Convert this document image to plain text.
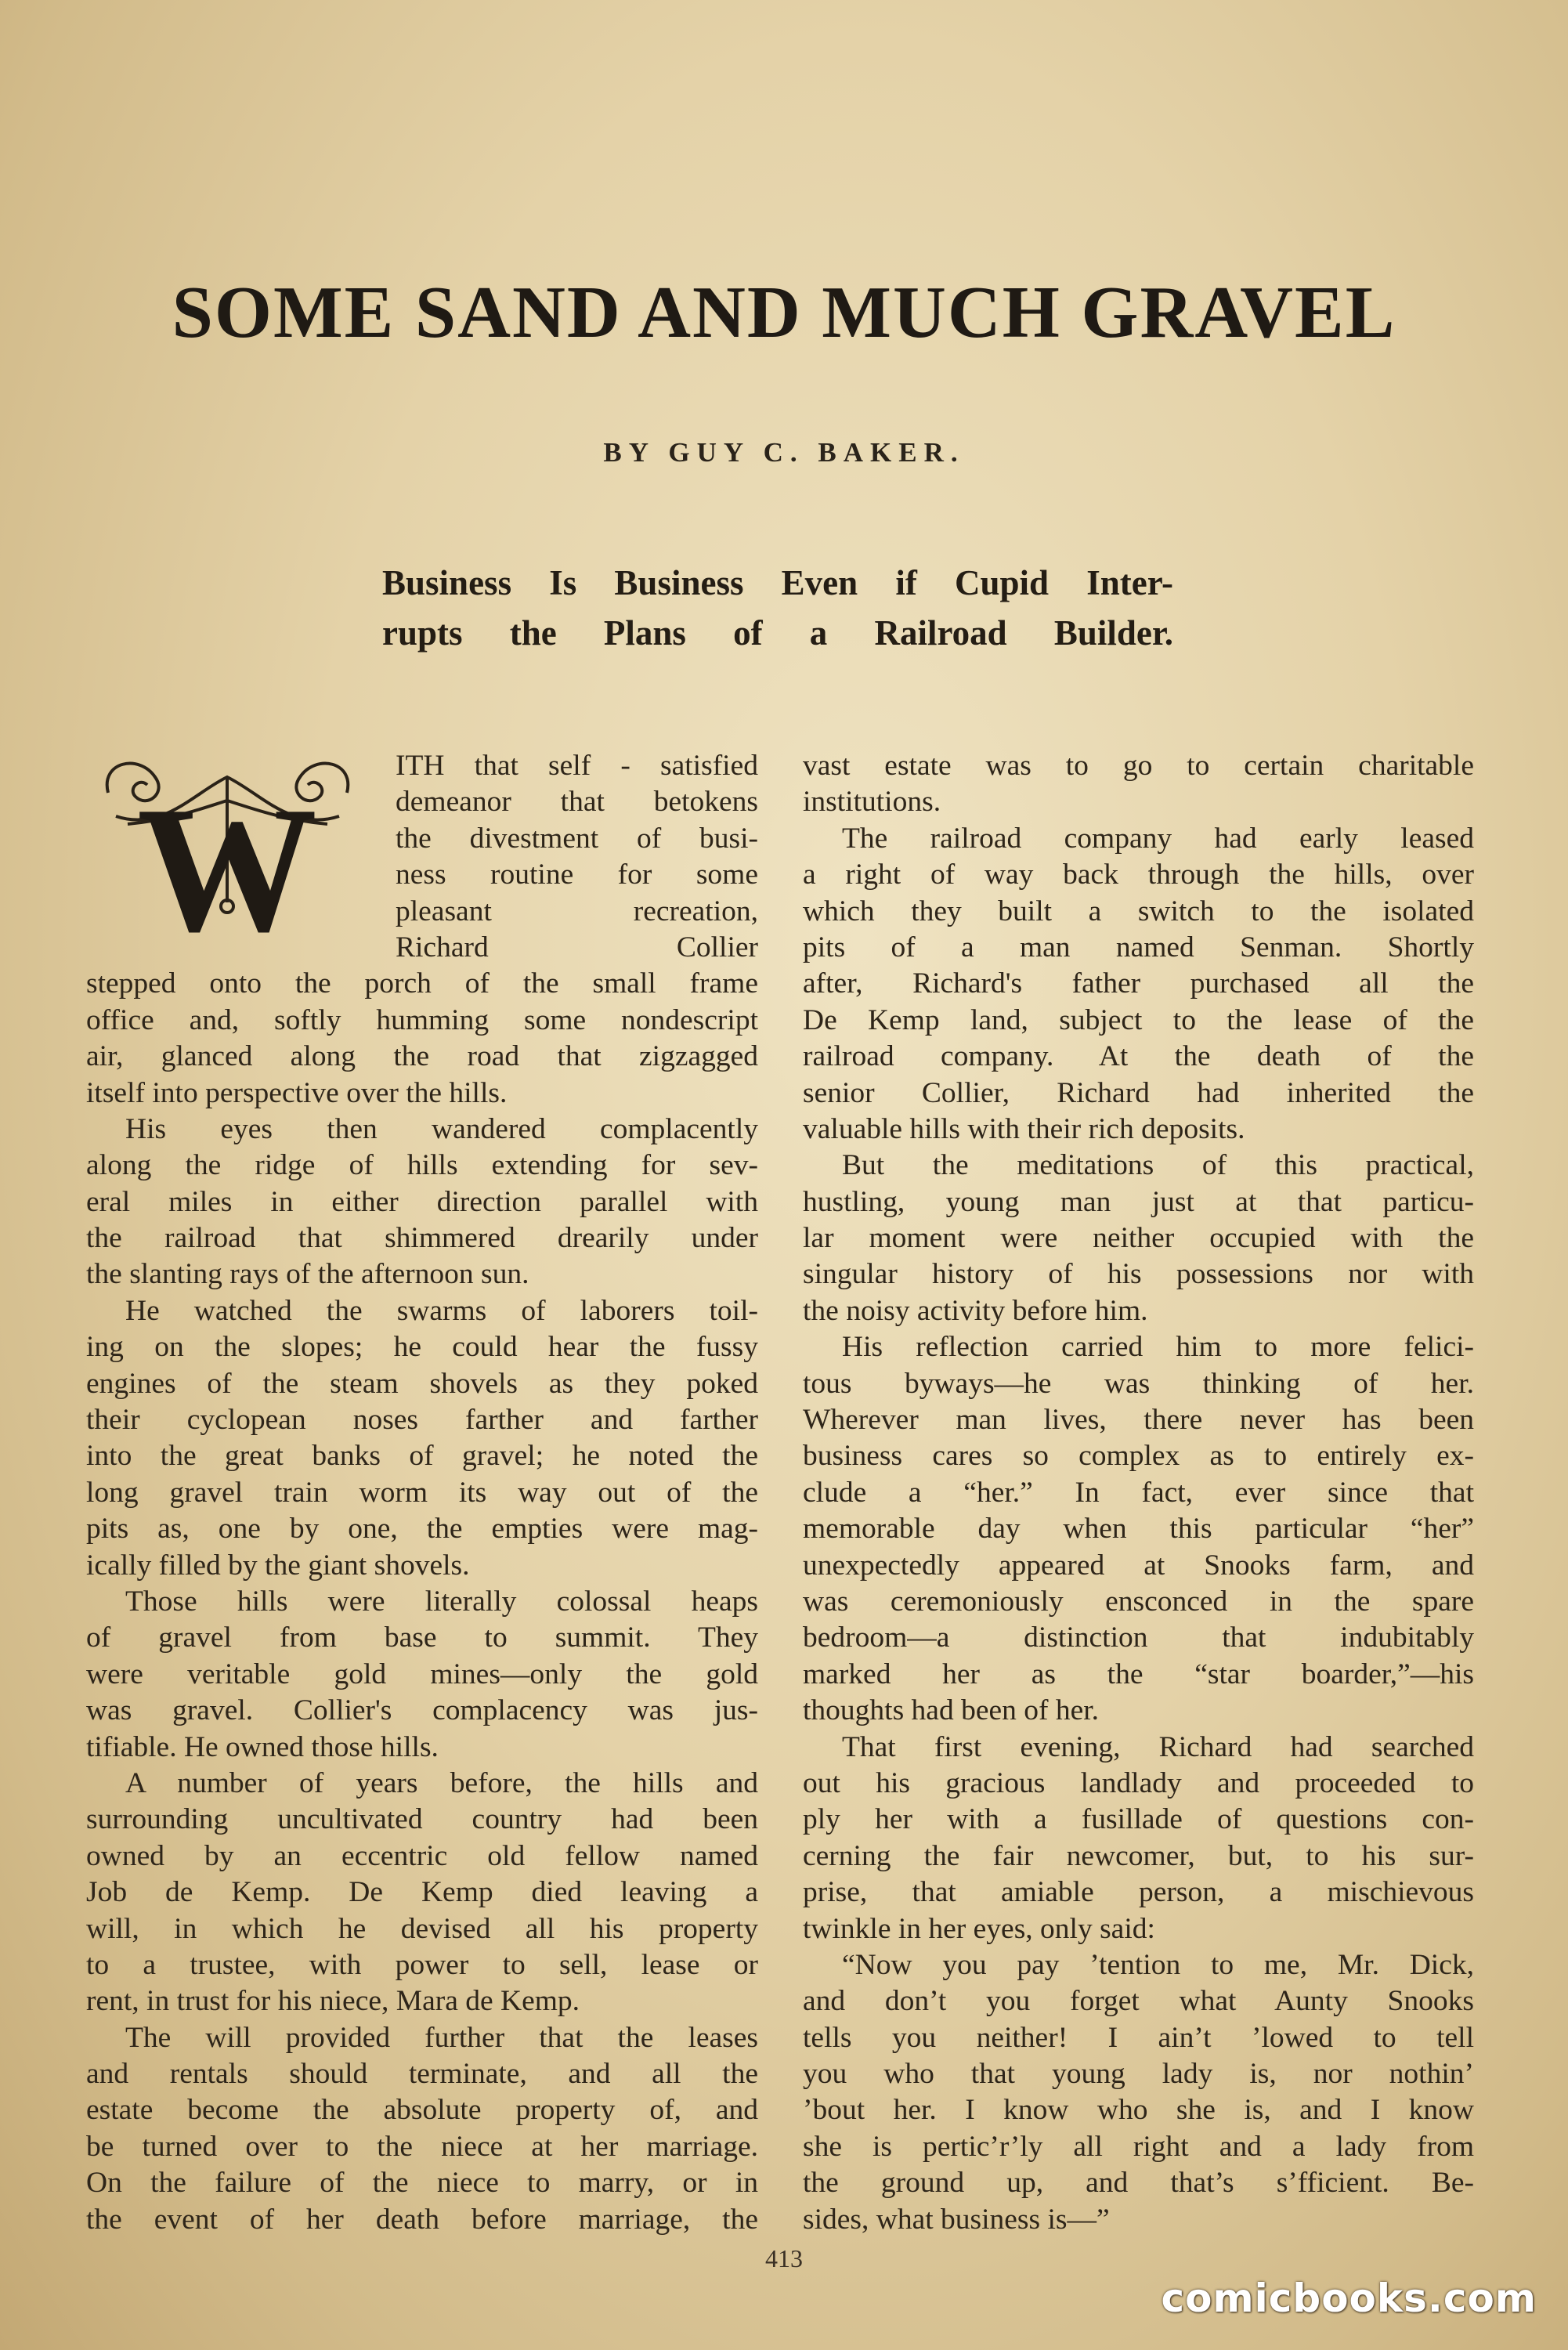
SOME SAND AND MUCH GRAVEL
BY GUY C. BAKER.
Business Is Business Even if Cupid Inter-
rupts the Plans of a Railroad Builder.
W
ITH that self - satisfied
demeanor that betokens
the divestment of busi-
ness routine for some
pleasant recreation,
Richard Collier
stepped onto the porch of the small frame
office and, softly humming some nondescript
air, glanced along the road that zigzagged
itself into perspective over the hills.
His eyes then wandered complacently
along the ridge of hills extending for sev-
eral miles in either direction parallel with
the railroad that shimmered drearily under
the slanting rays of the afternoon sun.
He watched the swarms of laborers toil-
ing on the slopes; he could hear the fussy
engines of the steam shovels as they poked
their cyclopean noses farther and farther
into the great banks of gravel; he noted the
long gravel train worm its way out of the
pits as, one by one, the empties were mag-
ically filled by the giant shovels.
Those hills were literally colossal heaps
of gravel from base to summit. They
were veritable gold mines—only the gold
was gravel. Collier's complacency was jus-
tifiable. He owned those hills.
A number of years before, the hills and
surrounding uncultivated country had been
owned by an eccentric old fellow named
Job de Kemp. De Kemp died leaving a
will, in which he devised all his property
to a trustee, with power to sell, lease or
rent, in trust for his niece, Mara de Kemp.
The will provided further that the leases
and rentals should terminate, and all the
estate become the absolute property of, and
be turned over to the niece at her marriage.
On the failure of the niece to marry, or in
the event of her death before marriage, the
vast estate was to go to certain charitable
institutions.
The railroad company had early leased
a right of way back through the hills, over
which they built a switch to the isolated
pits of a man named Senman. Shortly
after, Richard's father purchased all the
De Kemp land, subject to the lease of the
railroad company. At the death of the
senior Collier, Richard had inherited the
valuable hills with their rich deposits.
But the meditations of this practical,
hustling, young man just at that particu-
lar moment were neither occupied with the
singular history of his possessions nor with
the noisy activity before him.
His reflection carried him to more felici-
tous byways—he was thinking of her.
Wherever man lives, there never has been
business cares so complex as to entirely ex-
clude a “her.” In fact, ever since that
memorable day when this particular “her”
unexpectedly appeared at Snooks farm, and
was ceremoniously ensconced in the spare
bedroom—a distinction that indubitably
marked her as the “star boarder,”—his
thoughts had been of her.
That first evening, Richard had searched
out his gracious landlady and proceeded to
ply her with a fusillade of questions con-
cerning the fair newcomer, but, to his sur-
prise, that amiable person, a mischievous
twinkle in her eyes, only said:
“Now you pay ’tention to me, Mr. Dick,
and don’t you forget what Aunty Snooks
tells you neither! I ain’t ’lowed to tell
you who that young lady is, nor nothin’
’bout her. I know who she is, and I know
she is pertic’r’ly all right and a lady from
the ground up, and that’s s’fficient. Be-
sides, what business is—”
413
comicbooks.com
